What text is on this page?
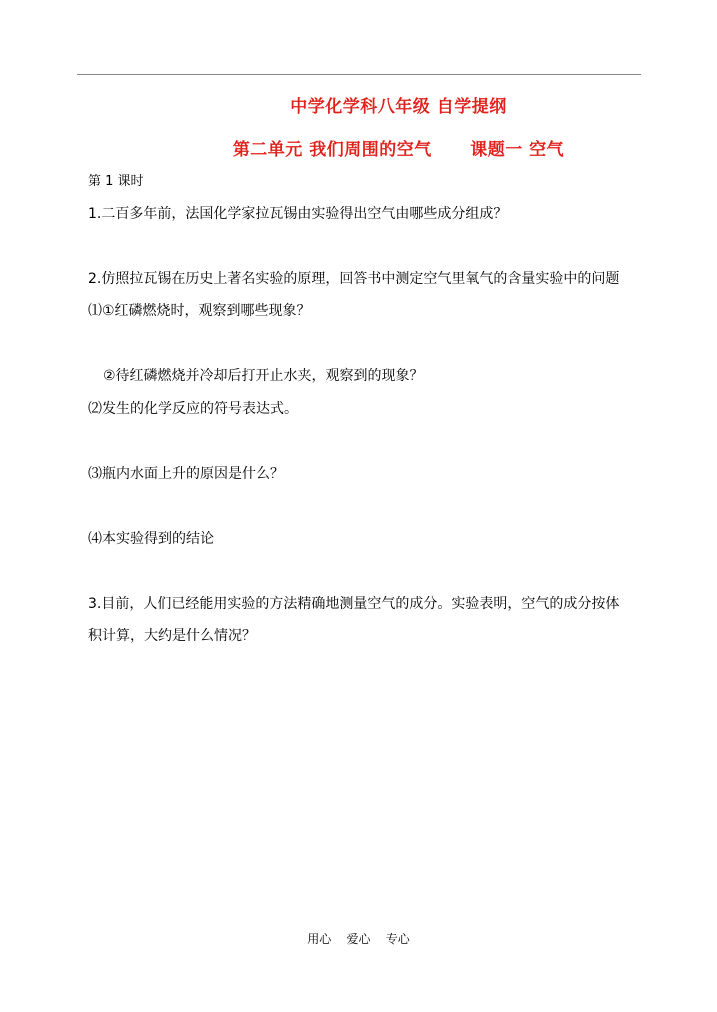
中学化学科八年级 自学提纲
第二单元 我们周围的空气      课题一 空气
第 1 课时
1.二百多年前，法国化学家拉瓦锡由实验得出空气由哪些成分组成？
2.仿照拉瓦锡在历史上著名实验的原理，回答书中测定空气里氧气的含量实验中的问题
⑴①红磷燃烧时，观察到哪些现象？
②待红磷燃烧并冷却后打开止水夹，观察到的现象？
⑵发生的化学反应的符号表达式。
⑶瓶内水面上升的原因是什么？
⑷本实验得到的结论
3.目前，人们已经能用实验的方法精确地测量空气的成分。实验表明，空气的成分按体
积计算，大约是什么情况？
用心    爱心    专心
